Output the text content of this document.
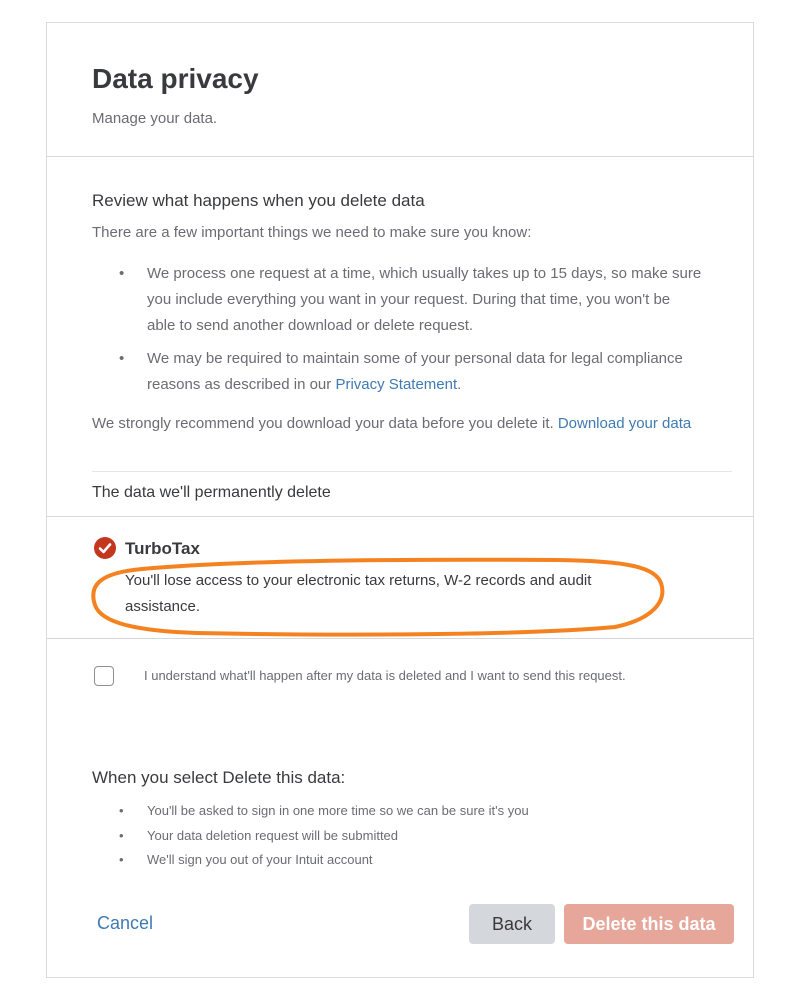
Data privacy
Manage your data.
Review what happens when you delete data
There are a few important things we need to make sure you know:
• We process one request at a time, which usually takes up to 15 days, so make sure you include everything you want in your request. During that time, you won't be able to send another download or delete request.
• We may be required to maintain some of your personal data for legal compliance reasons as described in our Privacy Statement.
We strongly recommend you download your data before you delete it. Download your data
The data we'll permanently delete
TurboTax
You'll lose access to your electronic tax returns, W-2 records and audit assistance.
I understand what'll happen after my data is deleted and I want to send this request.
When you select Delete this data:
• You'll be asked to sign in one more time so we can be sure it's you
• Your data deletion request will be submitted
• We'll sign you out of your Intuit account
Cancel	Back	Delete this data
